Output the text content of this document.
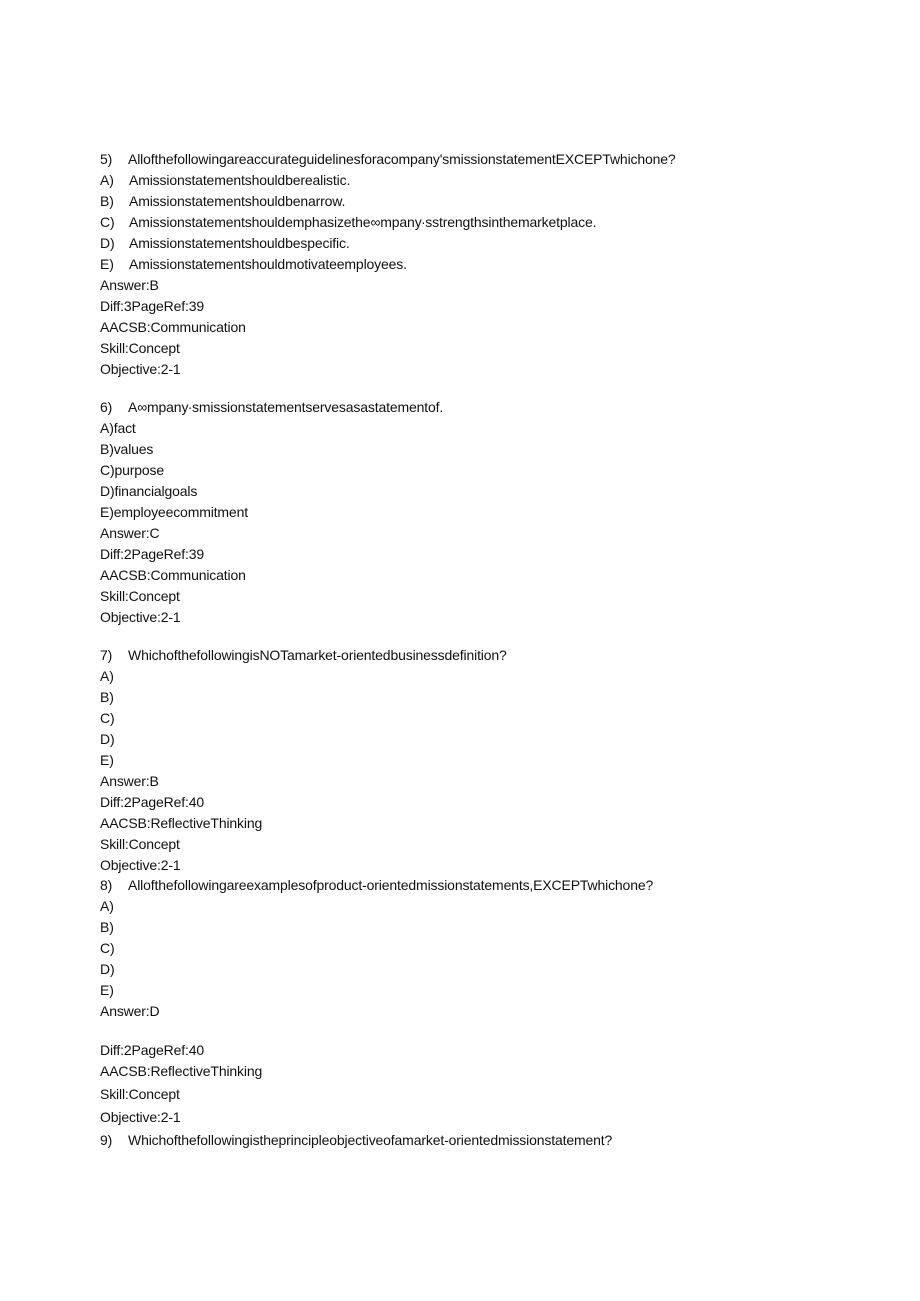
5) Allofthefollowingareaccurateguidelinesforacompany'smissionstatementEXCEPTwhichone?
A) Amissionstatementshouldberealistic.
B) Amissionstatementshouldbenarrow.
C) Amissionstatementshouldemphasizethe∞mpany∙sstrengthsinthemarketplace.
D) Amissionstatementshouldbespecific.
E) Amissionstatementshouldmotivateemployees.
Answer:B
Diff:3PageRef:39
AACSB:Communication
Skill:Concept
Objective:2-1
6) A∞mpany∙smissionstatementservesasastatementof.
A)fact
B)values
C)purpose
D)financialgoals
E)employeecommitment
Answer:C
Diff:2PageRef:39
AACSB:Communication
Skill:Concept
Objective:2-1
7) WhichofthefollowingisNOTamarket-orientedbusinessdefinition?
A)
B)
C)
D)
E)
Answer:B
Diff:2PageRef:40
AACSB:ReflectiveThinking
Skill:Concept
Objective:2-1
8) Allofthefollowingareexamplesofproduct-orientedmissionstatements,EXCEPTwhichone?
A)
B)
C)
D)
E)
Answer:D
Diff:2PageRef:40
AACSB:ReflectiveThinking
Skill:Concept
Objective:2-1
9) Whichofthefollowingistheprincipleobjectiveofamarket-orientedmissionstatement?
